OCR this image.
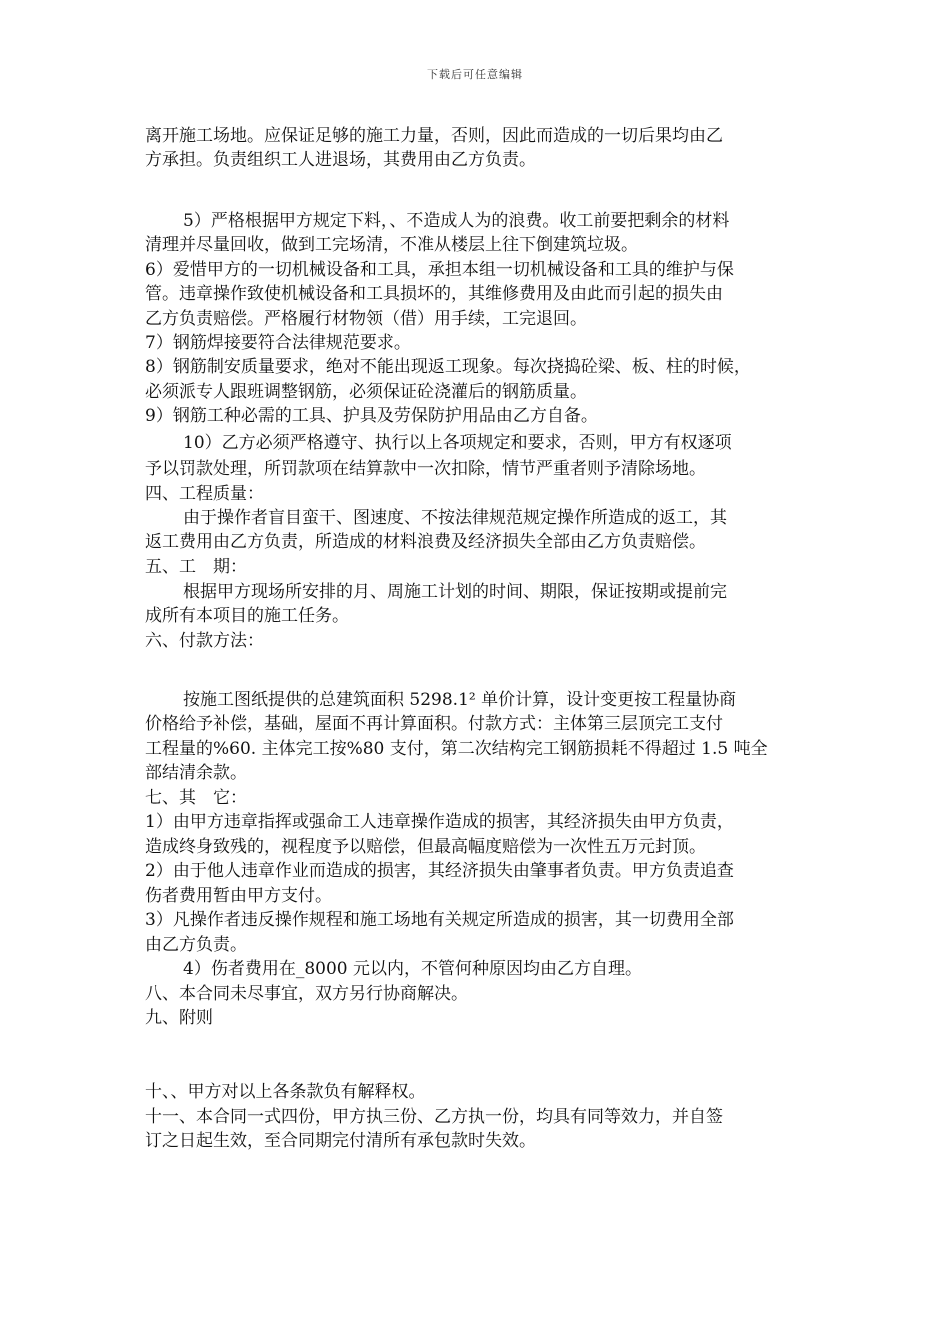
下载后可任意编辑
离开施工场地。应保证足够的施工力量，否则，因此而造成的一切后果均由乙
方承担。负责组织工人进退场，其费用由乙方负责。
5）严格根据甲方规定下料，、不造成人为的浪费。收工前要把剩余的材料
清理并尽量回收，做到工完场清，不准从楼层上往下倒建筑垃圾。
6）爱惜甲方的一切机械设备和工具，承担本组一切机械设备和工具的维护与保
管。违章操作致使机械设备和工具损坏的，其维修费用及由此而引起的损失由
乙方负责赔偿。严格履行材物领（借）用手续，工完退回。
7）钢筋焊接要符合法律规范要求。
8）钢筋制安质量要求，绝对不能出现返工现象。每次挠捣砼梁、板、柱的时候，
必须派专人跟班调整钢筋，必须保证砼浇灌后的钢筋质量。
9）钢筋工种必需的工具、护具及劳保防护用品由乙方自备。
10）乙方必须严格遵守、执行以上各项规定和要求，否则，甲方有权逐项
予以罚款处理，所罚款项在结算款中一次扣除，情节严重者则予清除场地。
四、工程质量：
由于操作者盲目蛮干、图速度、不按法律规范规定操作所造成的返工，其
返工费用由乙方负责，所造成的材料浪费及经济损失全部由乙方负责赔偿。
五、工　期：
根据甲方现场所安排的月、周施工计划的时间、期限，保证按期或提前完
成所有本项目的施工任务。
六、付款方法：
按施工图纸提供的总建筑面积 5298.1² 单价计算，设计变更按工程量协商
价格给予补偿，基础，屋面不再计算面积。付款方式：主体第三层顶完工支付
工程量的%60. 主体完工按%80 支付，第二次结构完工钢筋损耗不得超过 1.5 吨全
部结清余款。
七、其　它：
1）由甲方违章指挥或强命工人违章操作造成的损害，其经济损失由甲方负责，
造成终身致残的，视程度予以赔偿，但最高幅度赔偿为一次性五万元封顶。
2）由于他人违章作业而造成的损害，其经济损失由肇事者负责。甲方负责追查
伤者费用暂由甲方支付。
3）凡操作者违反操作规程和施工场地有关规定所造成的损害，其一切费用全部
由乙方负责。
4）伤者费用在_8000 元以内，不管何种原因均由乙方自理。
八、本合同未尽事宜，双方另行协商解决。
九、附则
十、、甲方对以上各条款负有解释权。
十一、本合同一式四份，甲方执三份、乙方执一份，均具有同等效力，并自签
订之日起生效，至合同期完付清所有承包款时失效。
